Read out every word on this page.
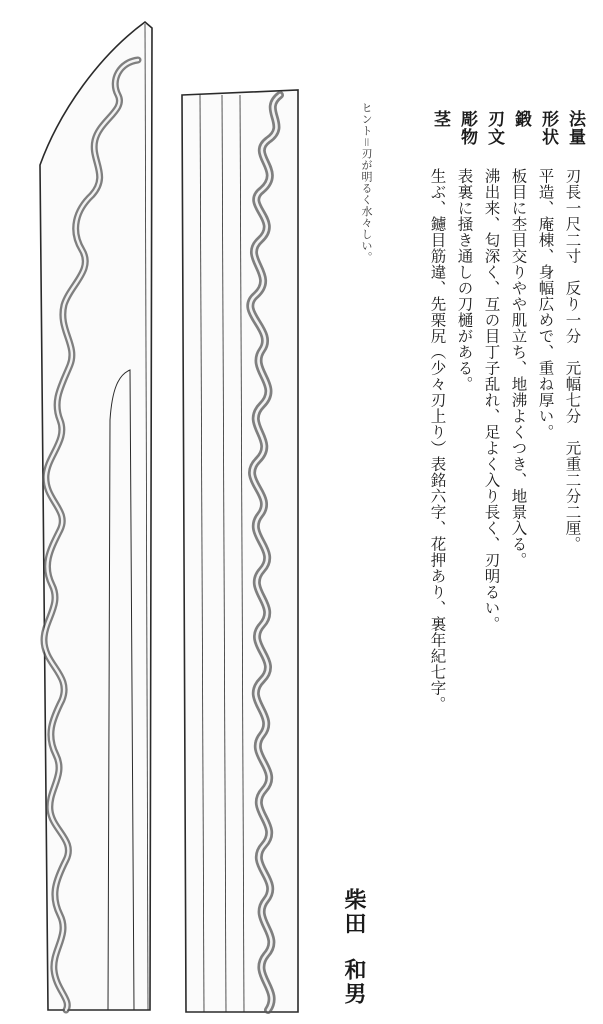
ヒント＝刃が明るく水々しい。	法量
刃長一尺二寸　反り一分　元幅七分　元重二分二厘。
形状
平造、庵棟、身幅広めで、重ね厚い。
鍛
板目に杢目交りやや肌立ち、地沸よくつき、地景入る。
刃文
沸出来、匂深く、互の目丁子乱れ、足よく入り長く、刃明るい。
彫物
表裏に掻き通しの刀樋がある。
茎
生ぶ、鑢目筋違、先栗尻（少々刃上り）表銘六字、花押あり、裏年紀七字。
柴田
和男
